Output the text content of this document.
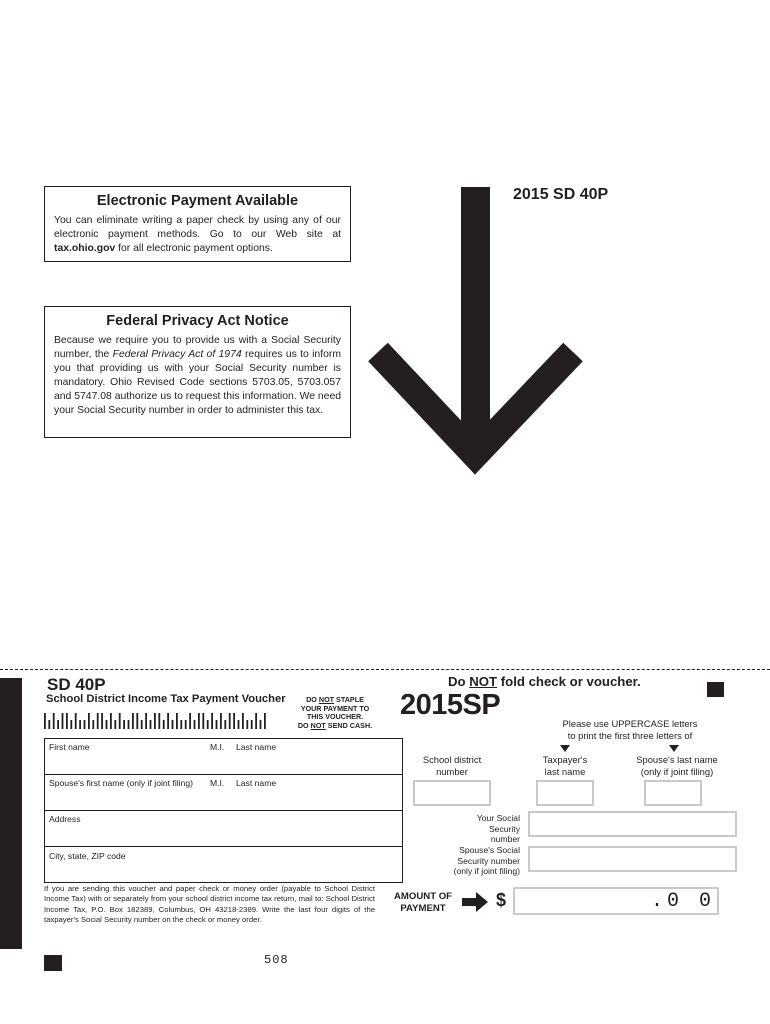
Electronic Payment Available
You can eliminate writing a paper check by using any of our electronic payment methods. Go to our Web site at tax.ohio.gov for all electronic payment options.
Federal Privacy Act Notice
Because we require you to provide us with a Social Security number, the Federal Privacy Act of 1974 requires us to inform you that providing us with your Social Security number is mandatory. Ohio Revised Code sections 5703.05, 5703.057 and 5747.08 authorize us to request this information. We need your Social Security number in order to administer this tax.
2015 SD 40P
SD 40P
School District Income Tax Payment Voucher	DO NOT STAPLE
YOUR PAYMENT TO
THIS VOUCHER.
DO NOT SEND CASH.
2015SP
Do NOT fold check or voucher.
Please use UPPERCASE letters
to print the first three letters of
First name	M.I. Last name
Spouse's first name (only if joint filing) M.I. Last name
Address
City, state, ZIP code
School district
number
Taxpayer's
last name
Spouse's last name
(only if joint filing)
Your Social
Security
number
Spouse's Social
Security number
(only if joint filing)
If you are sending this voucher and paper check or money order (payable to School District Income Tax) with or separately from your school district income tax return, mail to: School District Income Tax, P.O. Box 182389, Columbus, OH 43218-2389. Write the last four digits of the taxpayer's Social Security number on the check or money order.
AMOUNT OF
PAYMENT	$	.0 0
508
